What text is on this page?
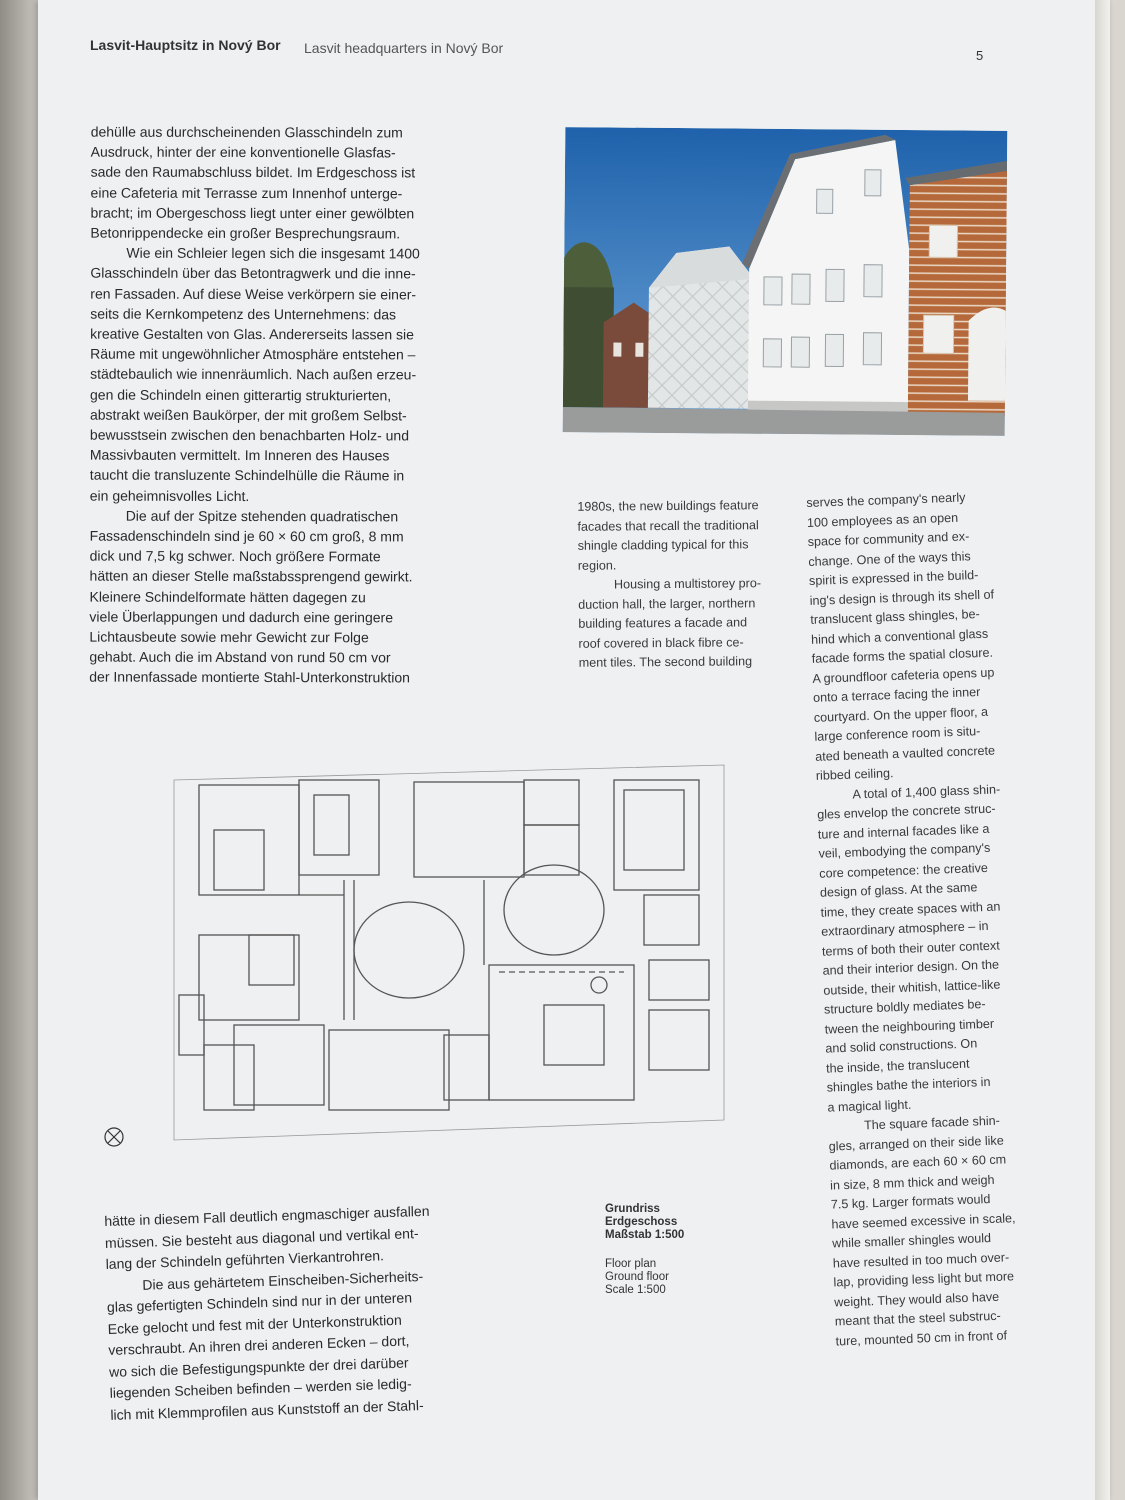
Lasvit-Hauptsitz in Nový Bor Lasvit headquarters in Nový Bor	5

dehülle aus durchscheinenden Glasschindeln zum

Ausdruck, hinter der eine konventionelle Glasfas-

sade den Raumabschluss bildet. Im Erdgeschoss ist

eine Cafeteria mit Terrasse zum Innenhof unterge-

bracht; im Obergeschoss liegt unter einer gewölbten

Betonrippendecke ein großer Besprechungsraum.

Wie ein Schleier legen sich die insgesamt 1400

Glasschindeln über das Betontragwerk und die inne-

ren Fassaden. Auf diese Weise verkörpern sie einer-

seits die Kernkompetenz des Unternehmens: das

kreative Gestalten von Glas. Andererseits lassen sie

Räume mit ungewöhnlicher Atmosphäre entstehen –

städtebaulich wie innenräumlich. Nach außen erzeu-

gen die Schindeln einen gitterartig strukturierten,

abstrakt weißen Baukörper, der mit großem Selbst-

bewusstsein zwischen den benachbarten Holz- und

Massivbauten vermittelt. Im Inneren des Hauses

taucht die transluzente Schindelhülle die Räume in

ein geheimnisvolles Licht.

Die auf der Spitze stehenden quadratischen

Fassadenschindeln sind je 60 × 60 cm groß, 8 mm

dick und 7,5 kg schwer. Noch größere Formate

hätten an dieser Stelle maßstabssprengend gewirkt.

Kleinere Schindelformate hätten dagegen zu

viele Überlappungen und dadurch eine geringere

Lichtausbeute sowie mehr Gewicht zur Folge

gehabt. Auch die im Abstand von rund 50 cm vor

der Innenfassade montierte Stahl-Unterkonstruktion

1980s, the new buildings feature

facades that recall the traditional

shingle cladding typical for this

region.

Housing a multistorey pro-

duction hall, the larger, northern

building features a facade and

roof covered in black fibre ce-

ment tiles. The second building

serves the company's nearly

100 employees as an open

space for community and ex-

change. One of the ways this

spirit is expressed in the build-

ing's design is through its shell of

translucent glass shingles, be-

hind which a conventional glass

facade forms the spatial closure.

A groundfloor cafeteria opens up

onto a terrace facing the inner

courtyard. On the upper floor, a

large conference room is situ-

ated beneath a vaulted concrete

ribbed ceiling.

A total of 1,400 glass shin-

gles envelop the concrete struc-

ture and internal facades like a

veil, embodying the company's

core competence: the creative

design of glass. At the same

time, they create spaces with an

extraordinary atmosphere – in

terms of both their outer context

and their interior design. On the

outside, their whitish, lattice-like

structure boldly mediates be-

tween the neighbouring timber

and solid constructions. On

the inside, the translucent

shingles bathe the interiors in

a magical light.

The square facade shin-

gles, arranged on their side like

diamonds, are each 60 × 60 cm

in size, 8 mm thick and weigh

7.5 kg. Larger formats would

have seemed excessive in scale,

while smaller shingles would

have resulted in too much over-

lap, providing less light but more

weight. They would also have

meant that the steel substruc-

ture, mounted 50 cm in front of

hätte in diesem Fall deutlich engmaschiger ausfallen

müssen. Sie besteht aus diagonal und vertikal ent-

lang der Schindeln geführten Vierkantrohren.

Die aus gehärtetem Einscheiben-Sicherheits-

glas gefertigten Schindeln sind nur in der unteren

Ecke gelocht und fest mit der Unterkonstruktion

verschraubt. An ihren drei anderen Ecken – dort,

wo sich die Befestigungspunkte der drei darüber

liegenden Scheiben befinden – werden sie ledig-

lich mit Klemmprofilen aus Kunststoff an der Stahl-

Grundriss
Erdgeschoss
Maßstab 1:500
Floor plan
Ground floor
Scale 1:500
